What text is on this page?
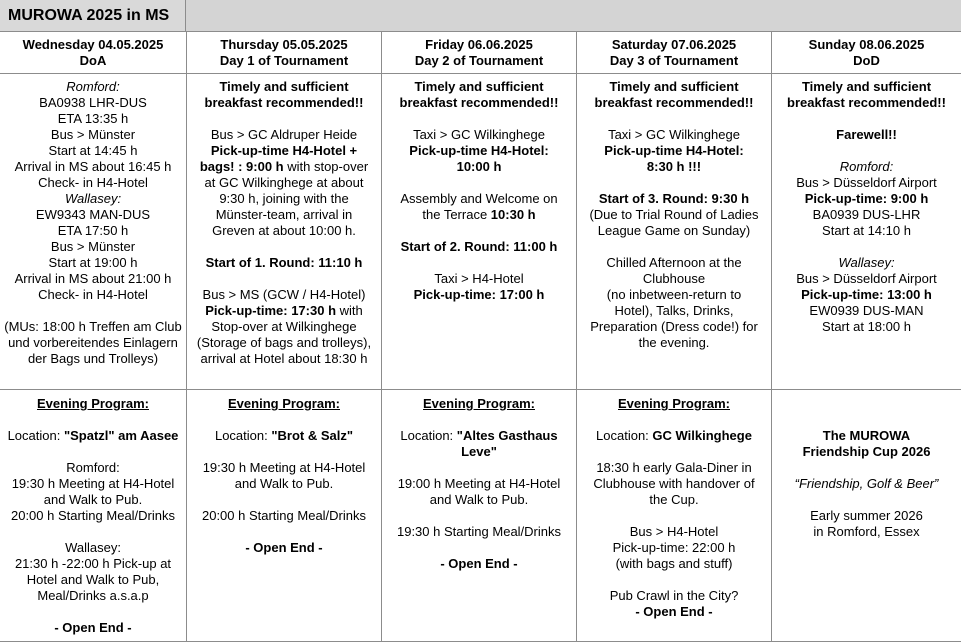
MUROWA 2025 in MS
Wednesday 04.05.2025
DoA
Thursday 05.05.2025
Day 1 of Tournament
Friday 06.06.2025
Day 2 of Tournament
Saturday 07.06.2025
Day 3 of Tournament
Sunday 08.06.2025
DoD
Romford:
BA0938 LHR-DUS
ETA 13:35 h
Bus > Münster
Start at 14:45 h
Arrival in MS about 16:45 h
Check- in H4-Hotel
Wallasey:
EW9343 MAN-DUS
ETA 17:50 h
Bus > Münster
Start at 19:00 h
Arrival in MS about 21:00 h
Check- in H4-Hotel
(MUs: 18:00 h Treffen am Club
und vorbereitendes Einlagern
der Bags und Trolleys)
Timely and sufficient
breakfast recommended!!
Bus > GC Aldruper Heide
Pick-up-time H4-Hotel +
bags! : 9:00 h with stop-over
at GC Wilkinghege at about
9:30 h, joining with the
Münster-team, arrival in
Greven at about 10:00 h.
Start of 1. Round: 11:10 h
Bus > MS (GCW / H4-Hotel)
Pick-up-time: 17:30 h with
Stop-over at Wilkinghege
(Storage of bags and trolleys),
arrival at Hotel about 18:30 h
Timely and sufficient
breakfast recommended!!
Taxi > GC Wilkinghege
Pick-up-time H4-Hotel:
10:00 h
Assembly and Welcome on
the Terrace 10:30 h
Start of 2. Round: 11:00 h
Taxi > H4-Hotel
Pick-up-time: 17:00 h
Timely and sufficient
breakfast recommended!!
Taxi > GC Wilkinghege
Pick-up-time H4-Hotel:
8:30 h !!!
Start of 3. Round: 9:30 h
(Due to Trial Round of Ladies
League Game on Sunday)
Chilled Afternoon at the
Clubhouse
(no inbetween-return to
Hotel), Talks, Drinks,
Preparation (Dress code!) for
the evening.
Timely and sufficient
breakfast recommended!!
Farewell!!
Romford:
Bus > Düsseldorf Airport
Pick-up-time: 9:00 h
BA0939 DUS-LHR
Start at 14:10 h
Wallasey:
Bus > Düsseldorf Airport
Pick-up-time: 13:00 h
EW0939 DUS-MAN
Start at 18:00 h
Evening Program:
Location: "Spatzl" am Aasee
Romford:
19:30 h Meeting at H4-Hotel
and Walk to Pub.
20:00 h Starting Meal/Drinks
Wallasey:
21:30 h -22:00 h Pick-up at
Hotel and Walk to Pub,
Meal/Drinks a.s.a.p
- Open End -
Evening Program:
Location: "Brot & Salz"
19:30 h Meeting at H4-Hotel
and Walk to Pub.
20:00 h Starting Meal/Drinks
- Open End -
Evening Program:
Location: "Altes Gasthaus
Leve"
19:00 h Meeting at H4-Hotel
and Walk to Pub.
19:30 h Starting Meal/Drinks
- Open End -
Evening Program:
Location: GC Wilkinghege
18:30 h early Gala-Diner in
Clubhouse with handover of
the Cup.
Bus > H4-Hotel
Pick-up-time: 22:00 h
(with bags and stuff)
Pub Crawl in the City?
- Open End -
The MUROWA
Friendship Cup 2026
“Friendship, Golf & Beer”
Early summer 2026
in Romford, Essex
